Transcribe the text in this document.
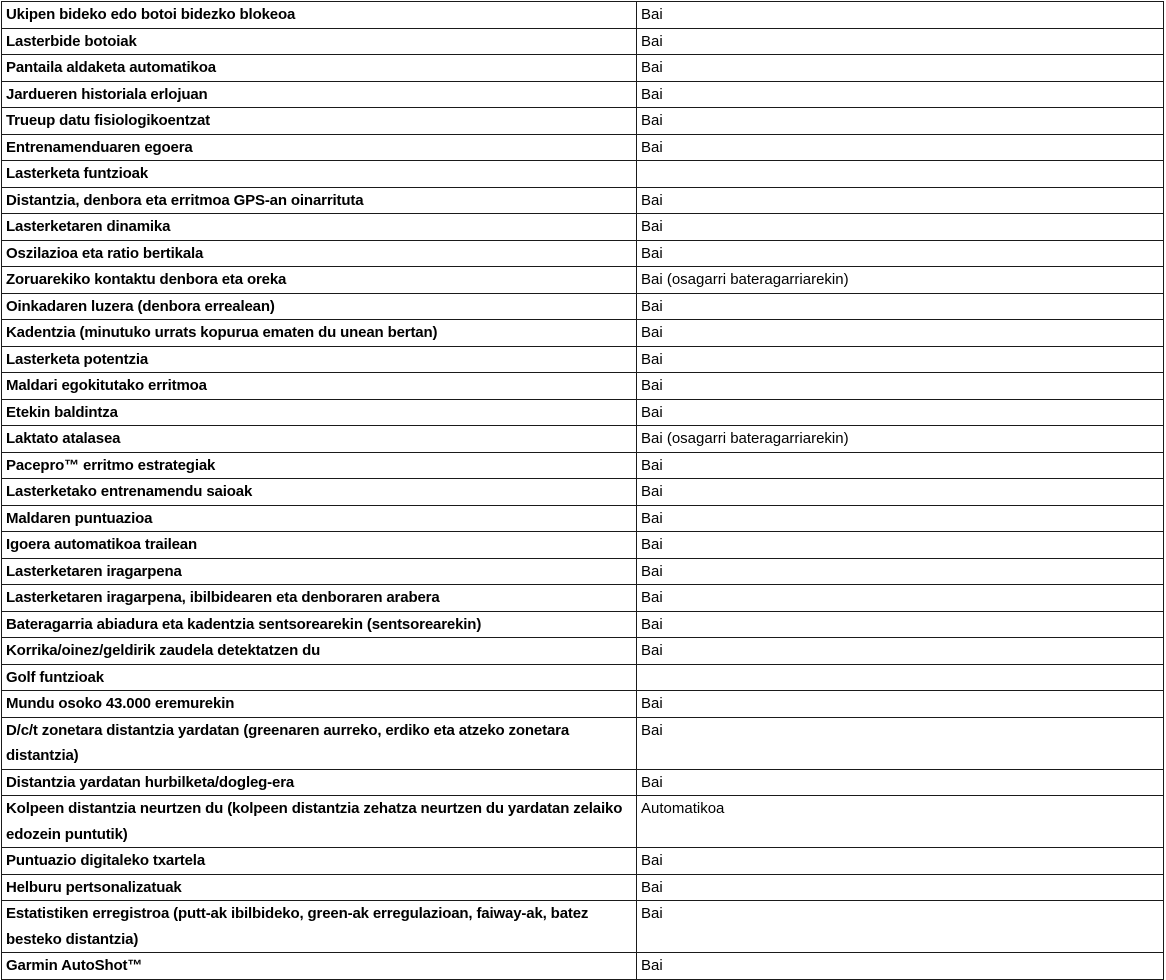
Ukipen bideko edo botoi bidezko blokeoa	Bai
Lasterbide botoiak	Bai
Pantaila aldaketa automatikoa	Bai
Jardueren historiala erlojuan	Bai
Trueup datu fisiologikoentzat	Bai
Entrenamenduaren egoera	Bai
Lasterketa funtzioak	
Distantzia, denbora eta erritmoa GPS-an oinarrituta	Bai
Lasterketaren dinamika	Bai
Oszilazioa eta ratio bertikala	Bai
Zoruarekiko kontaktu denbora eta oreka	Bai (osagarri bateragarriarekin)
Oinkadaren luzera (denbora errealean)	Bai
Kadentzia (minutuko urrats kopurua ematen du unean bertan)	Bai
Lasterketa potentzia	Bai
Maldari egokitutako erritmoa	Bai
Etekin baldintza	Bai
Laktato atalasea	Bai (osagarri bateragarriarekin)
Pacepro™ erritmo estrategiak	Bai
Lasterketako entrenamendu saioak	Bai
Maldaren puntuazioa	Bai
Igoera automatikoa trailean	Bai
Lasterketaren iragarpena	Bai
Lasterketaren iragarpena, ibilbidearen eta denboraren arabera	Bai
Bateragarria abiadura eta kadentzia sentsorearekin (sentsorearekin)	Bai
Korrika/oinez/geldirik zaudela detektatzen du	Bai
Golf funtzioak	
Mundu osoko 43.000 eremurekin	Bai
D/c/t zonetara distantzia yardatan (greenaren aurreko, erdiko eta atzeko zonetara distantzia)	Bai
Distantzia yardatan hurbilketa/dogleg-era	Bai
Kolpeen distantzia neurtzen du (kolpeen distantzia zehatza neurtzen du yardatan zelaiko edozein puntutik)	Automatikoa
Puntuazio digitaleko txartela	Bai
Helburu pertsonalizatuak	Bai
Estatistiken erregistroa (putt-ak ibilbideko, green-ak erregulazioan, faiway-ak, batez besteko distantzia)	Bai
Garmin AutoShot™	Bai
